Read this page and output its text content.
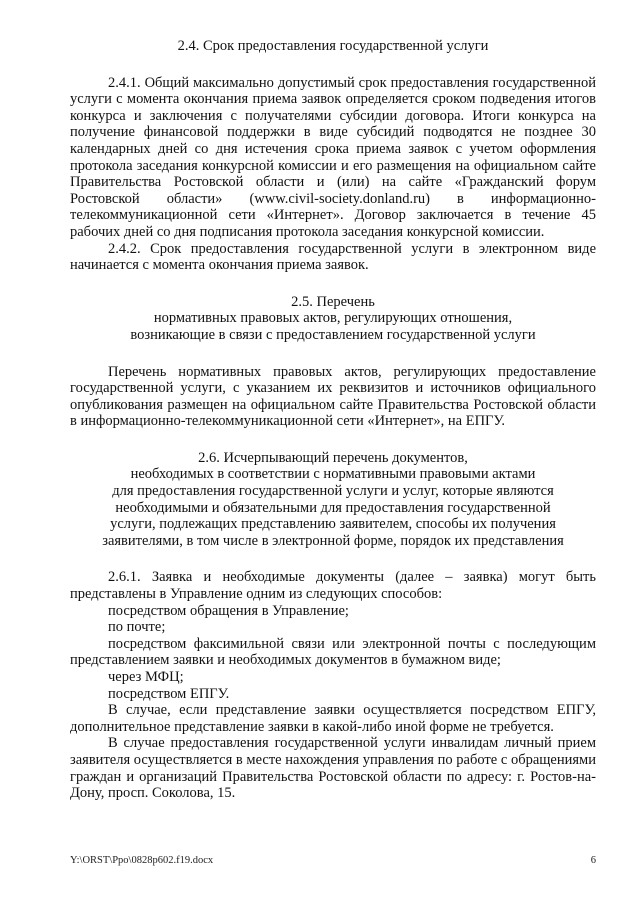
2.4. Срок предоставления государственной услуги

2.4.1. Общий максимально допустимый срок предоставления государственной услуги с момента окончания приема заявок определяется сроком подведения итогов конкурса и заключения с получателями субсидии договора. Итоги конкурса на получение финансовой поддержки в виде субсидий подводятся не позднее 30 календарных дней со дня истечения срока приема заявок с учетом оформления протокола заседания конкурсной комиссии и его размещения на официальном сайте Правительства Ростовской области и (или) на сайте «Гражданский форум Ростовской области» (www.civil-society.donland.ru) в информационно-телекоммуникационной сети «Интернет». Договор заключается в течение 45 рабочих дней со дня подписания протокола заседания конкурсной комиссии.

2.4.2. Срок предоставления государственной услуги в электронном виде начинается с момента окончания приема заявок.

2.5. Перечень

нормативных правовых актов, регулирующих отношения,

возникающие в связи с предоставлением государственной услуги

Перечень нормативных правовых актов, регулирующих предоставление государственной услуги, с указанием их реквизитов и источников официального опубликования размещен на официальном сайте Правительства Ростовской области в информационно-телекоммуникационной сети «Интернет», на ЕПГУ.

2.6. Исчерпывающий перечень документов,

необходимых в соответствии с нормативными правовыми актами

для предоставления государственной услуги и услуг, которые являются

необходимыми и обязательными для предоставления государственной

услуги, подлежащих представлению заявителем, способы их получения

заявителями, в том числе в электронной форме, порядок их представления

2.6.1. Заявка и необходимые документы (далее – заявка) могут быть представлены в Управление одним из следующих способов:

посредством обращения в Управление;

по почте;

посредством факсимильной связи или электронной почты с последующим представлением заявки и необходимых документов в бумажном виде;

через МФЦ;

посредством ЕПГУ.

В случае, если представление заявки осуществляется посредством ЕПГУ, дополнительное представление заявки в какой-либо иной форме не требуется.

В случае предоставления государственной услуги инвалидам личный прием заявителя осуществляется в месте нахождения управления по работе с обращениями граждан и организаций Правительства Ростовской области по адресу: г. Ростов-на-Дону, просп. Соколова, 15.

Y:\ORST\Ppo\0828p602.f19.docx	6
